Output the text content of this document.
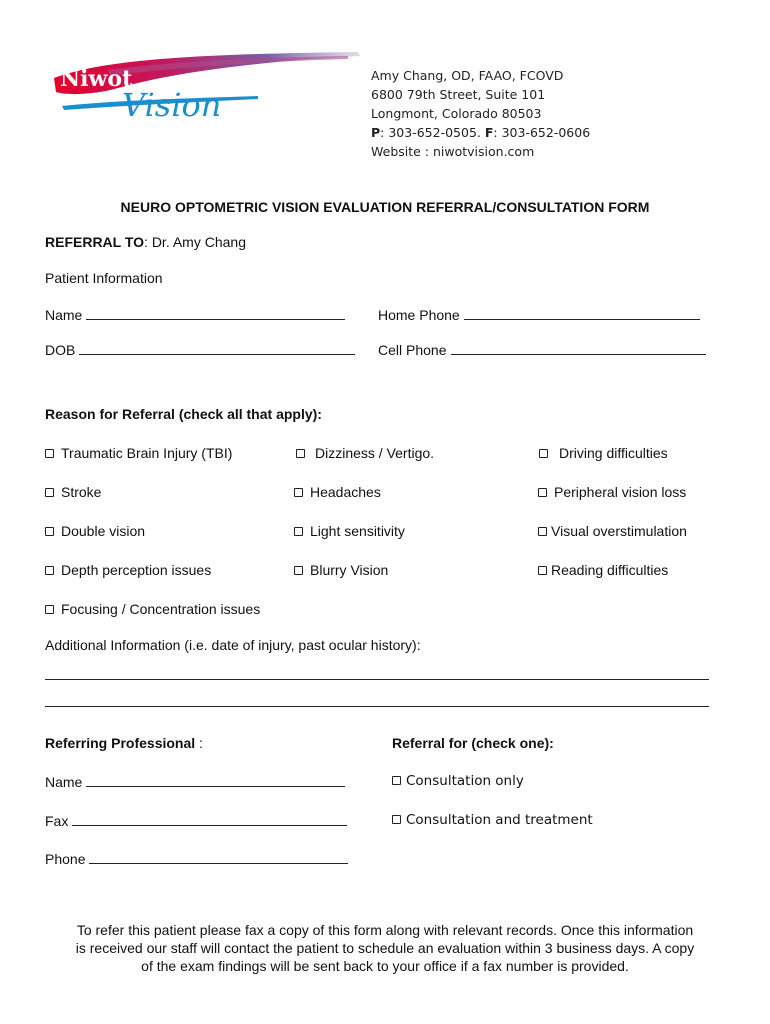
Niwot
Vision
Amy Chang, OD, FAAO, FCOVD
6800 79th Street, Suite 101
Longmont, Colorado 80503
P: 303-652-0505. F: 303-652-0606
Website : niwotvision.com
NEURO OPTOMETRIC VISION EVALUATION REFERRAL/CONSULTATION FORM
REFERRAL TO: Dr. Amy Chang
Patient Information
Name	Home Phone
DOB	Cell Phone
Reason for Referral (check all that apply):
Traumatic Brain Injury (TBI)	Dizziness / Vertigo.	Driving difficulties
Stroke	Headaches	Peripheral vision loss
Double vision	Light sensitivity	Visual overstimulation
Depth perception issues	Blurry Vision	Reading difficulties
Focusing / Concentration issues
Additional Information (i.e. date of injury, past ocular history):
Referring Professional :	Referral for (check one):
Name
Fax
Phone
Consultation only
Consultation and treatment
To refer this patient please fax a copy of this form along with relevant records. Once this information
is received our staff will contact the patient to schedule an evaluation within 3 business days. A copy
of the exam findings will be sent back to your office if a fax number is provided.
